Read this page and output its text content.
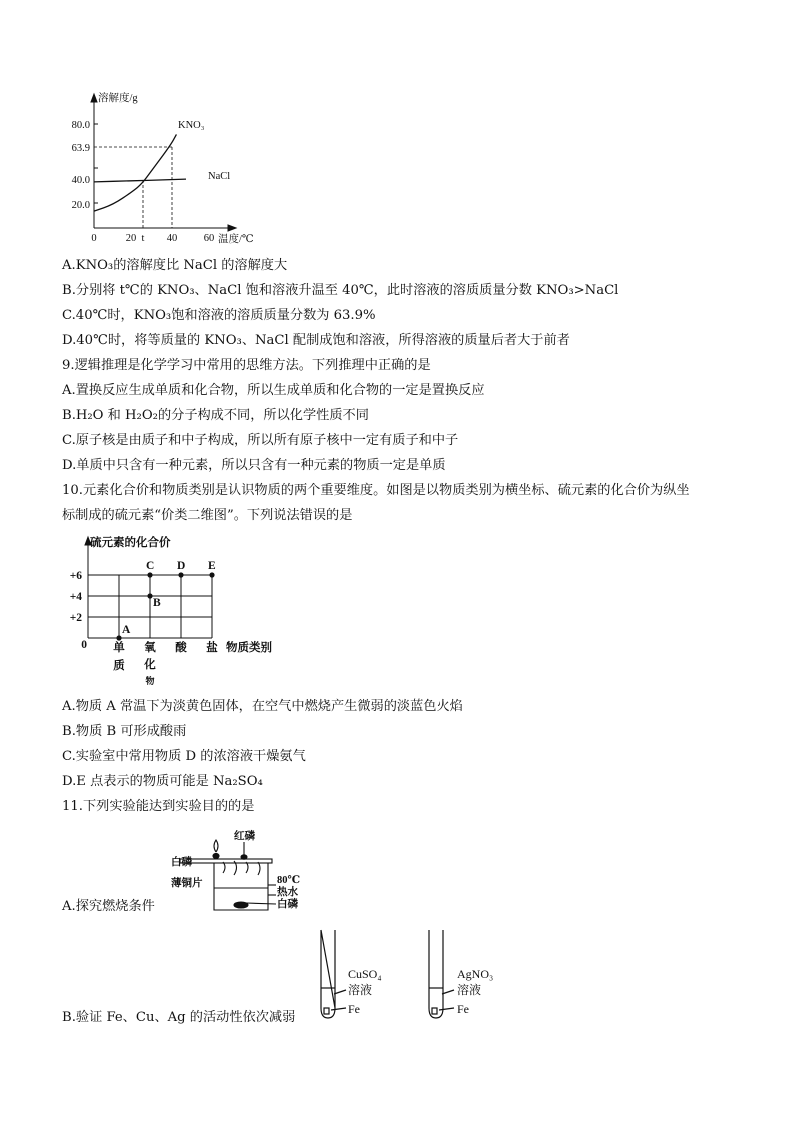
溶解度/g
80.0
63.9
40.0
20.0
0	20 t 40	60 温度/℃
KNO₃
NaCl
A.KNO₃的溶解度比 NaCl 的溶解度大
B.分别将 t℃的 KNO₃、NaCl 饱和溶液升温至 40℃，此时溶液的溶质质量分数 KNO₃>NaCl
C.40℃时，KNO₃饱和溶液的溶质质量分数为 63.9%
D.40℃时，将等质量的 KNO₃、NaCl 配制成饱和溶液，所得溶液的质量后者大于前者
9.逻辑推理是化学学习中常用的思维方法。下列推理中正确的是
A.置换反应生成单质和化合物，所以生成单质和化合物的一定是置换反应
B.H₂O 和 H₂O₂的分子构成不同，所以化学性质不同
C.原子核是由质子和中子构成，所以所有原子核中一定有质子和中子
D.单质中只含有一种元素，所以只含有一种元素的物质一定是单质
10.元素化合价和物质类别是认识物质的两个重要维度。如图是以物质类别为横坐标、硫元素的化合价为纵坐
标制成的硫元素“价类二维图”。下列说法错误的是
硫元素的化合价
+6
+4
+2
0
A
B
C D E
单
质
氧
化
物
酸 盐 物质类别
A.物质 A 常温下为淡黄色固体，在空气中燃烧产生微弱的淡蓝色火焰
B.物质 B 可形成酸雨
C.实验室中常用物质 D 的浓溶液干燥氨气
D.E 点表示的物质可能是 Na₂SO₄
11.下列实验能达到实验目的的是
红磷
白磷
薄铜片	80℃
热水
白磷
A.探究燃烧条件
CuSO₄
溶液
Fe
AgNO₃
溶液
Fe
B.验证 Fe、Cu、Ag 的活动性依次减弱
